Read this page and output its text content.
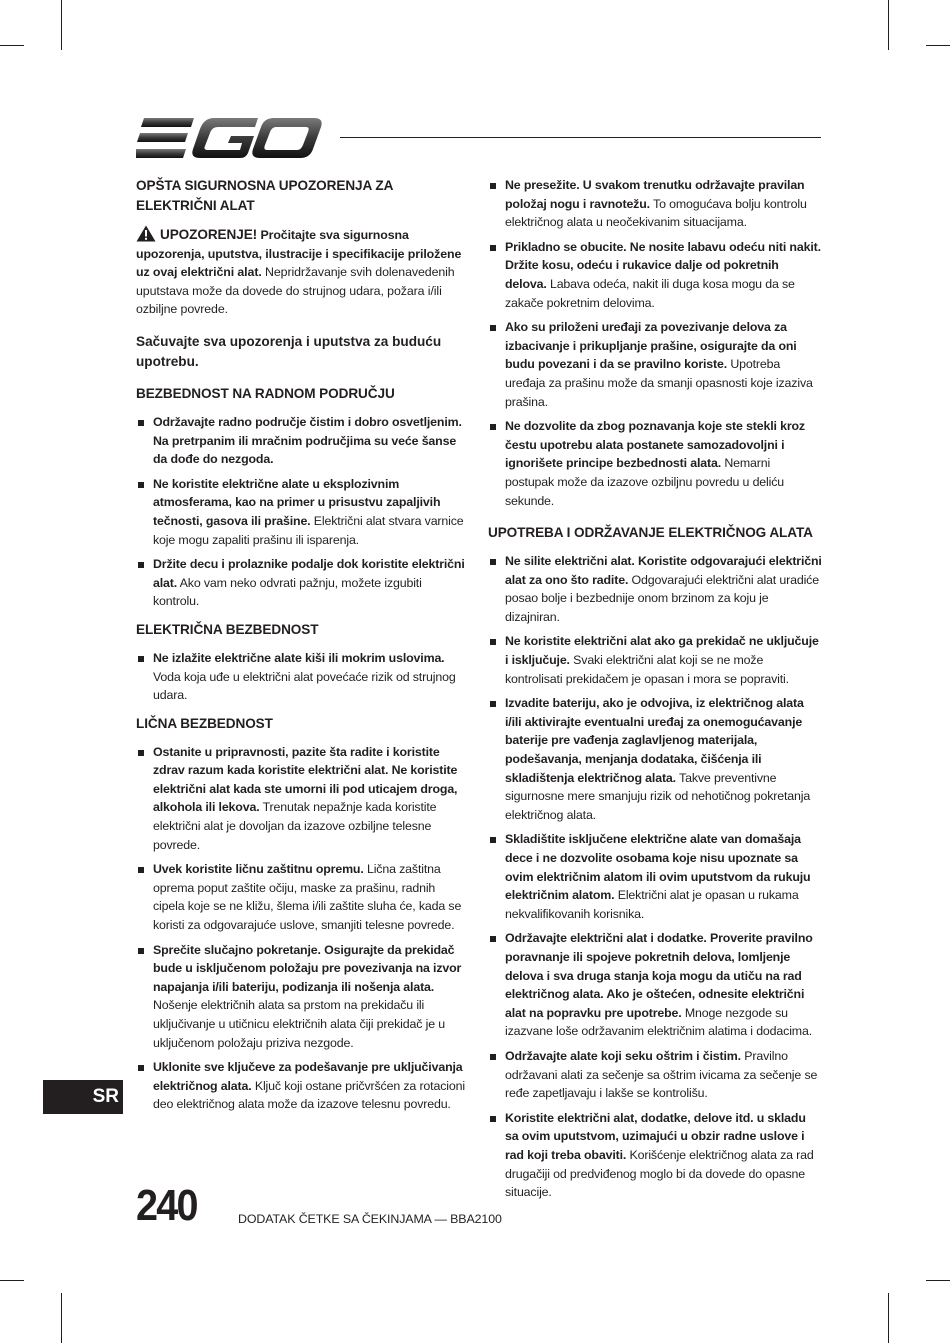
OPŠTA SIGURNOSNA UPOZORENJA ZA ELEKTRIČNI ALAT

UPOZORENJE! Pročitajte sva sigurnosna upozorenja, uputstva, ilustracije i specifikacije priložene uz ovaj električni alat. Nepridržavanje svih dolenavedenih uputstava može da dovede do strujnog udara, požara i/ili ozbiljne povrede.

Sačuvajte sva upozorenja i uputstva za buduću upotrebu.
BEZBEDNOST NA RADNOM PODRUČJU
Održavajte radno područje čistim i dobro osvetljenim. Na pretrpanim ili mračnim područjima su veće šanse da dođe do nezgoda.
Ne koristite električne alate u eksplozivnim atmosferama, kao na primer u prisustvu zapaljivih tečnosti, gasova ili prašine. Električni alat stvara varnice koje mogu zapaliti prašinu ili isparenja.
Držite decu i prolaznike podalje dok koristite električni alat. Ako vam neko odvrati pažnju, možete izgubiti kontrolu.
ELEKTRIČNA BEZBEDNOST
Ne izlažite električne alate kiši ili mokrim uslovima. Voda koja uđe u električni alat povećaće rizik od strujnog udara.
LIČNA BEZBEDNOST
Ostanite u pripravnosti, pazite šta radite i koristite zdrav razum kada koristite električni alat. Ne koristite električni alat kada ste umorni ili pod uticajem droga, alkohola ili lekova. Trenutak nepažnje kada koristite električni alat je dovoljan da izazove ozbiljne telesne povrede.
Uvek koristite ličnu zaštitnu opremu. Lična zaštitna oprema poput zaštite očiju, maske za prašinu, radnih cipela koje se ne kližu, šlema i/ili zaštite sluha će, kada se koristi za odgovarajuće uslove, smanjiti telesne povrede.
Sprečite slučajno pokretanje. Osigurajte da prekidač bude u isključenom položaju pre povezivanja na izvor napajanja i/ili bateriju, podizanja ili nošenja alata. Nošenje električnih alata sa prstom na prekidaču ili uključivanje u utičnicu električnih alata čiji prekidač je u uključenom položaju priziva nezgode.
Uklonite sve ključeve za podešavanje pre uključivanja električnog alata. Ključ koji ostane pričvršćen za rotacioni deo električnog alata može da izazove telesnu povredu.
Ne presežite. U svakom trenutku održavajte pravilan položaj nogu i ravnotežu. To omogućava bolju kontrolu električnog alata u neočekivanim situacijama.
Prikladno se obucite. Ne nosite labavu odeću niti nakit. Držite kosu, odeću i rukavice dalje od pokretnih delova. Labava odeća, nakit ili duga kosa mogu da se zakače pokretnim delovima.
Ako su priloženi uređaji za povezivanje delova za izbacivanje i prikupljanje prašine, osigurajte da oni budu povezani i da se pravilno koriste. Upotreba uređaja za prašinu može da smanji opasnosti koje izaziva prašina.
Ne dozvolite da zbog poznavanja koje ste stekli kroz čestu upotrebu alata postanete samozadovoljni i ignorišete principe bezbednosti alata. Nemarni postupak može da izazove ozbiljnu povredu u deliću sekunde.
UPOTREBA I ODRŽAVANJE ELEKTRIČNOG ALATA
Ne silite električni alat. Koristite odgovarajući električni alat za ono što radite. Odgovarajući električni alat uradiće posao bolje i bezbednije onom brzinom za koju je dizajniran.
Ne koristite električni alat ako ga prekidač ne uključuje i isključuje. Svaki električni alat koji se ne može kontrolisati prekidačem je opasan i mora se popraviti.
Izvadite bateriju, ako je odvojiva, iz električnog alata i/ili aktivirajte eventualni uređaj za onemogućavanje baterije pre vađenja zaglavljenog materijala, podešavanja, menjanja dodataka, čišćenja ili skladištenja električnog alata. Takve preventivne sigurnosne mere smanjuju rizik od nehotičnog pokretanja električnog alata.
Skladištite isključene električne alate van domašaja dece i ne dozvolite osobama koje nisu upoznate sa ovim električnim alatom ili ovim uputstvom da rukuju električnim alatom. Električni alat je opasan u rukama nekvalifikovanih korisnika.
Održavajte električni alat i dodatke. Proverite pravilno poravnanje ili spojeve pokretnih delova, lomljenje delova i sva druga stanja koja mogu da utiču na rad električnog alata. Ako je oštećen, odnesite električni alat na popravku pre upotrebe. Mnoge nezgode su izazvane loše održavanim električnim alatima i dodacima.
Održavajte alate koji seku oštrim i čistim. Pravilno održavani alati za sečenje sa oštrim ivicama za sečenje se ređe zapetljavaju i lakše se kontrolišu.
Koristite električni alat, dodatke, delove itd. u skladu sa ovim uputstvom, uzimajući u obzir radne uslove i rad koji treba obaviti. Korišćenje električnog alata za rad drugačiji od predviđenog moglo bi da dovede do opasne situacije.
SR
240	DODATAK ČETKE SA ČEKINJAMA — BBA2100
